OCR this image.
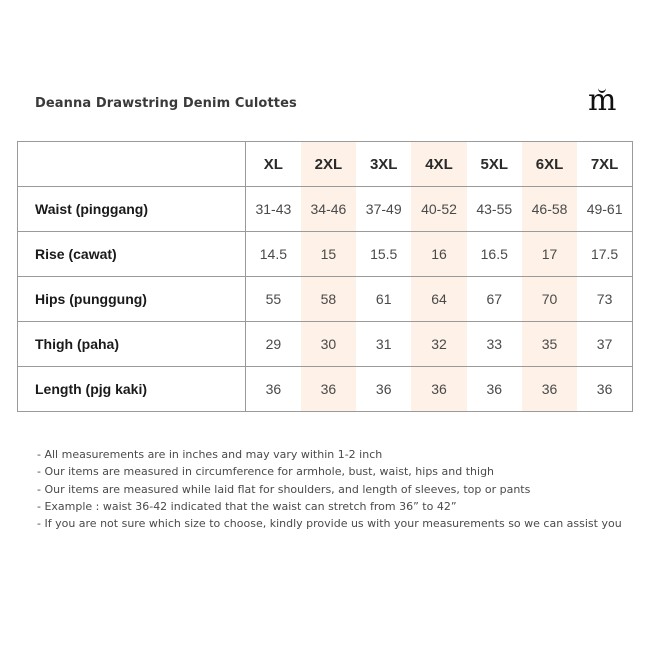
Deanna Drawstring Denim Culottes	m
	XL	2XL	3XL	4XL	5XL	6XL	7XL
Waist (pinggang)	31-43	34-46	37-49	40-52	43-55	46-58	49-61
Rise (cawat)	14.5	15	15.5	16	16.5	17	17.5
Hips (punggung)	55	58	61	64	67	70	73
Thigh (paha)	29	30	31	32	33	35	37
Length (pjg kaki)	36	36	36	36	36	36	36
- All measurements are in inches and may vary within 1-2 inch
- Our items are measured in circumference for armhole, bust, waist, hips and thigh
- Our items are measured while laid flat for shoulders, and length of sleeves, top or pants
- Example : waist 36-42 indicated that the waist can stretch from 36” to 42”
- If you are not sure which size to choose, kindly provide us with your measurements so we can assist you
